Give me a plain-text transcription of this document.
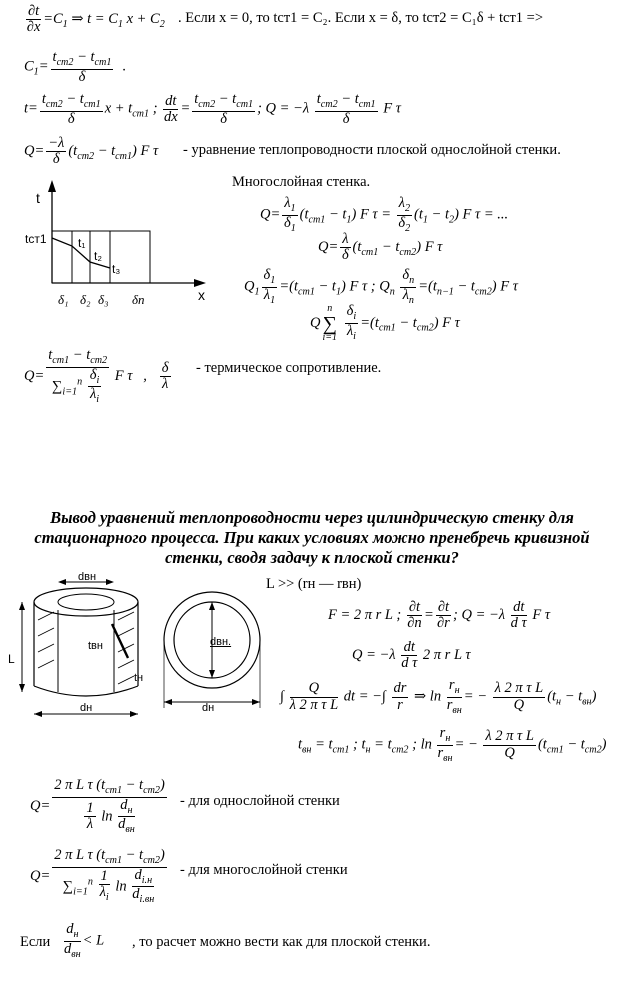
$\frac{\partial t}{\partial x} =C_1$ ⇒ $t = C_1$ $x + C_2$ . Если x = 0, то tст1 = C₂. Если x = δ, то tст2 = C₁δ + tст1 =>
$C_1= \frac{t_{cm2} - t_{cm1}}{\delta}$ .
$t= \frac{t_{cm2} - t_{cm1}}{\delta}$ $x + t_{cm1}$ ; $\frac{dt}{dx} = \frac{t_{cm2} - t_{cm1}}{\delta}$ ; $Q = -\lambda \frac{t_{cm2} - t_{cm1}}{\delta}$ F τ
$Q= \frac{-\lambda}{\delta} (t_{cm2} - t_{cm1})$ F τ - уравнение теплопроводности плоской однослойной стенки.
t
x
tст1	t₁
t₂
t₃
δ₁ δ₂ δ₃ δn
Многослойная стенка.
$Q= \frac{\lambda_1}{\delta_1} (t_{cm1} - t_1)$ F $\tau = \frac{\lambda_2}{\delta_2} (t_1 - t_2)$ F τ = ...
$Q= \frac{\lambda}{\delta} (t_{cm1} - t_{cm2})$ F τ
$Q_1 \frac{\delta_1}{\lambda_1} =(t_{cm1} - t_1)$ F τ ; $Q_n \frac{\delta_n}{\lambda_n} =(t_{n-1} - t_{cm2})$ F τ
Q
n
∑
i=1
$\frac{\delta_i}{\lambda_i} =(t_{cm1} - t_{cm2})$ F τ
$Q= \frac{t_{cm1} - t_{cm2}}{\sum_{i=1}^n \frac{\delta_i}{\lambda_i}}$ F τ   , $\frac{\delta}{\lambda}$ - термическое сопротивление.
Вывод уравнений теплопроводности через цилиндрическую стенку для стационарного процесса. При каких условиях можно пренебречь кривизной стенки, сводя задачу к плоской стенки?
dвн
L
tвн
tн
dн
dвн.
dн
L >> (rн — rвн)
F = 2 π r L ; $\frac{\partial t}{\partial n} = \frac{\partial t}{\partial r}$ ; $Q = -\lambda \frac{dt}{\text{d τ}}$ F τ
$Q = -\lambda \frac{dt}{\text{d τ}} 2$ π r L τ
∫ $\frac{Q}{\text{λ 2 π τ L}}$ dt = −∫ $\frac{dr}{r}$ ⇒ $\ln \frac{r_н}{r_{вн}}$ = − $\frac{\text{λ 2 π τ L}}{Q} (t_н - t_{вн})$
$t_{вн} = t_{cm1}$ ; $t_н = t_{cm2}$ ; $\ln \frac{r_н}{r_{вн}}$ = − $\frac{\text{λ 2 π τ L}}{Q} (t_{cm1} - t_{cm2})$
$Q= \frac{2 \pi L \tau (t_{cm1} - t_{cm2})}{\frac{1}{\lambda} \ln \frac{d_н}{d_{вн}}}$ - для однослойной стенки
$Q= \frac{2 \pi L \tau (t_{cm1} - t_{cm2})}{\sum_{i=1}^n \frac{1}{\lambda_i} \ln \frac{d_{i.н}}{d_{i.вн}}}$ - для многослойной стенки
Если $\frac{d_н}{d_{вн}} < L$ , то расчет можно вести как для плоской стенки.
